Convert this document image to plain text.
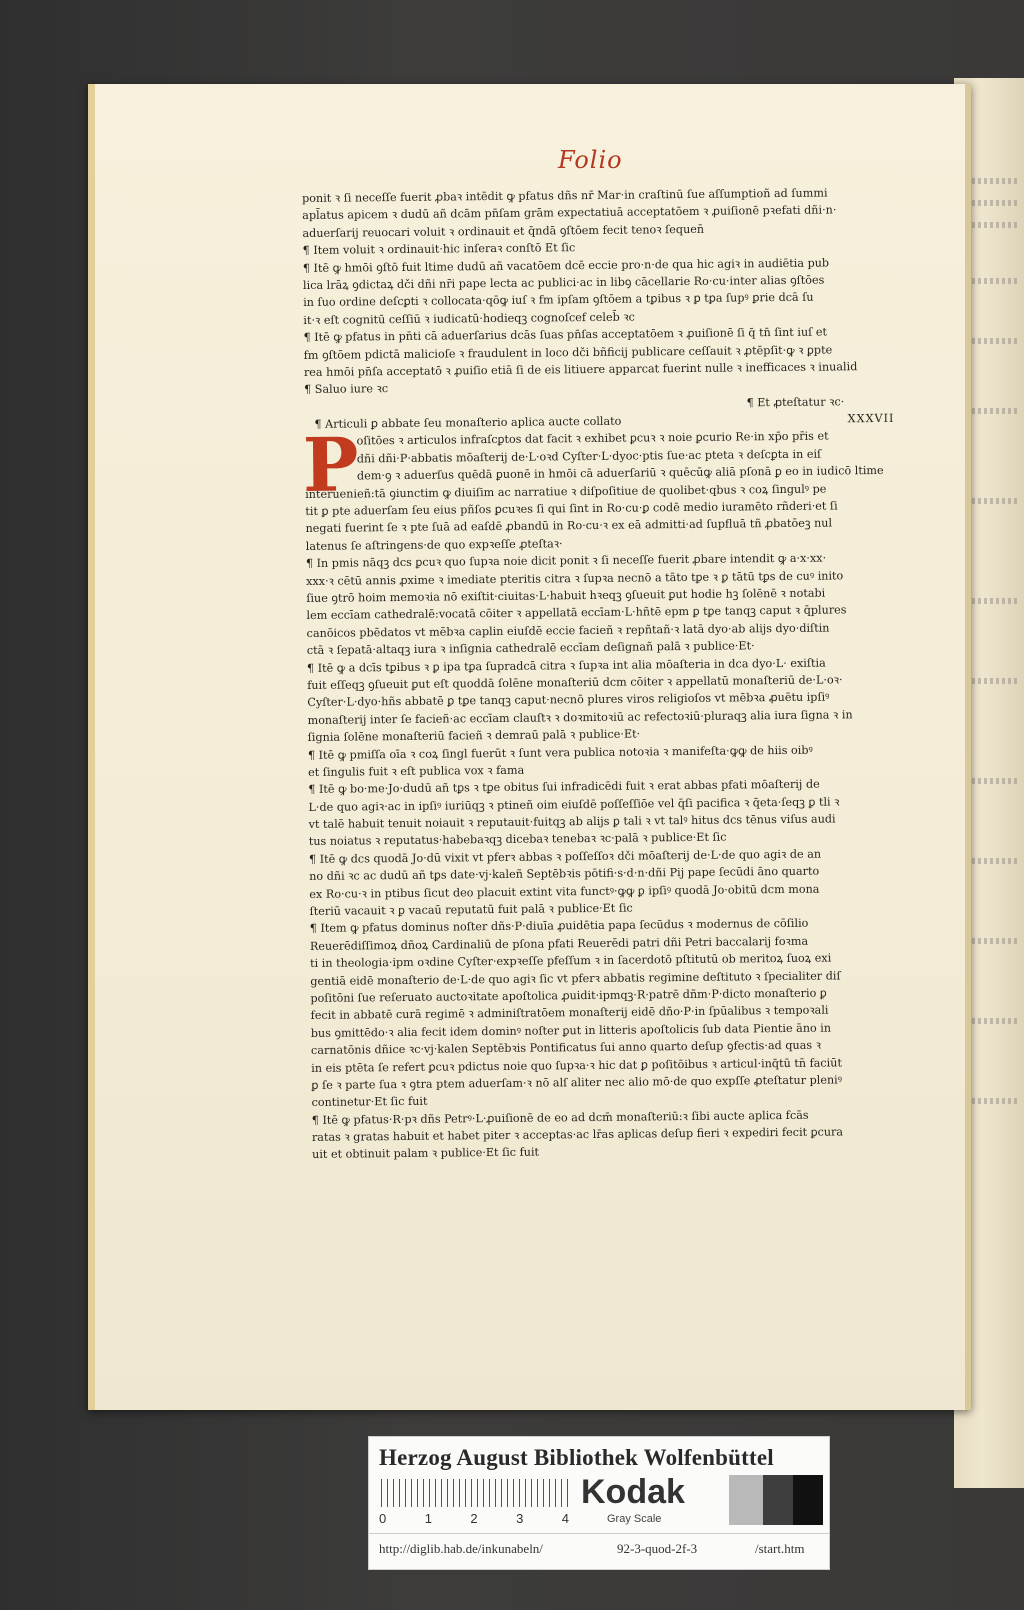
Folio
ponit ꝛ ſi neceſſe fuerit ꝓbaꝛ intēdit ꝙ pfatus dñs nr̄ Mar·in craſtinū ſue aſſumptioñ ad ſummi
apl̄atus apicem ꝛ dudū añ dcām pn̄ſam grām expectatiuā acceptatōem ꝛ ꝓuiſionē pꝛefati dñi·n·
aduerſarij reuocari voluit ꝛ ordinauit et q̄ndā ꝯſtōem fecit tenoꝛ ſequen̄
¶ Item voluit ꝛ ordinauit·hic inſeraꝛ conſtō Et ſic
¶ Itē ꝙ hmōi ꝯſtō fuit ltime dudū añ vacatōem dcē eccie pro·n·de qua hic agiꝛ in audiētia pub
lica lrāꝝ ꝯdictaꝝ dči dñi nr̄i pape lecta ac publici·ac in libꝯ cācellarie Ro·cu·inter alias ꝯſtōes
in ſuo ordine deſcꝑti ꝛ collocata·qōꝙ iuſ ꝛ fm ipſam ꝯſtōem a tꝑibus ꝛ ꝑ tꝑa ſupꝰ ꝑrie dcā ſu
it·ꝛ eſt cognitū ceſſiū ꝛ iudicatū·hodieqꝫ cognoſcef celeb̄ ꝛc
¶ Itē ꝙ pfatus in pn̄ti cā aduerſarius dcās ſuas pn̄ſas acceptatōem ꝛ ꝓuiſionē ſi q̄ tn̄ ſint iuſ et
fm ꝯſtōem pdictā malicioſe ꝛ fraudulent in loco dči bñficij publicare ceſſauit ꝛ ꝓtēpſit·ꝙ ꝛ ꝑpte
rea hmōi pn̄ſa acceptatō ꝛ ꝓuiſio etiā ſi de eis litiuere apparcat fuerint nulle ꝛ inefficaces ꝛ inualid
¶ Saluo iure ꝛc
¶ Et ꝓteſtatur ꝛc·
XXXVII
¶ Articuli ꝑ abbate ſeu monaſterio aplica aucte collato
oſitōes ꝛ articulos infraſcꝑtos dat facit ꝛ exhibet ꝑcuꝛ ꝛ noie ꝑcurio Re·in xp̄o pr̄is et
P
dñi dñi·P·abbatis mōaſterij de·L·oꝛd Cyſter·L·dyoc·ptis ſue·ac pteta ꝛ deſcꝑta in eiſ
dem·ꝯ ꝛ aduerſus quēdā ꝑuonē in hmōi cā aduerſariū ꝛ quēcūꝙ aliā pſonā ꝑ eo in iudicō ltime
interuenieñ:tā ꝯiunctim ꝙ diuiſim ac narratiue ꝛ diſpoſitiue de quolibet·qbus ꝛ coꝝ ſingulꝰ pe
tit ꝑ pte aduerſam ſeu eius pñſos ꝑcuꝛes ſi qui ſint in Ro·cu·ꝑ codē medio iuramēto rñderi·et ſi
negati fuerint ſe ꝛ pte ſuā ad eaſdē ꝓbandū in Ro·cu·ꝛ ex eā admitti·ad ſupfluā tñ ꝓbatōeꝫ nul
latenus ſe aſtringens·de quo expꝛeſſe ꝓteſtaꝛ·
¶ In pmis nāqꝫ dcs ꝑcuꝛ quo ſupꝛa noie dicit ponit ꝛ ſi neceſſe fuerit ꝓbare intendit ꝙ a·x·xx·
xxx·ꝛ cētū annis ꝓxime ꝛ imediate pteritis citra ꝛ ſupꝛa necnō a tāto tꝑe ꝛ ꝑ tātū tꝑs de cuꝰ inito
ſiue ꝯtrō hoim memoꝛia nō exiſtit·ciuitas·L·habuit hꝛeqꝫ ꝯſueuit ꝑut hodie hꝫ ſolēnē ꝛ notabi
lem eccīam cathedralē:vocatā cōiter ꝛ appellatā eccīam·L·hñtē epm ꝑ tꝑe tanqꝫ caput ꝛ q̄plures
canōicos pbēdatos vt mēbꝛa caplin eiuſdē eccie facieñ ꝛ repñtañ·ꝛ latā dyo·ab alijs dyo·diſtin
ctā ꝛ ſepatā·altaqꝫ iura ꝛ inſignia cathedralē eccīam deſignañ palā ꝛ publice·Et·
¶ Itē ꝙ a dcīs tꝑibus ꝛ ꝑ ipa tꝑa ſupradcā citra ꝛ ſupꝛa int alia mōaſteria in dca dyo·L· exiſtia
fuit eſſeqꝫ ꝯſueuit ꝑut eſt quoddā ſolēne monaſteriū dcm cōiter ꝛ appellatū monaſteriū de·L·oꝛ·
Cyſter·L·dyo·hñs abbatē ꝑ tꝑe tanqꝫ caput·necnō plures viros religioſos vt mēbꝛa ꝓuētu ipſiꝰ
monaſterij inter ſe facieñ·ac eccīam clauſtꝛ ꝛ doꝛmitoꝛiū ac refectoꝛiū·pluraqꝫ alia iura ſigna ꝛ in
ſignia ſolēne monaſteriū facieñ ꝛ demraū palā ꝛ publice·Et·
¶ Itē ꝙ pmiſſa oīa ꝛ coꝝ ſingl fuerūt ꝛ ſunt vera publica notoꝛia ꝛ manifeſta·ꝙꝙ de hiis oibꝰ
et ſingulis fuit ꝛ eſt publica vox ꝛ fama
¶ Itē ꝙ bo·me·Jo·dudū añ tꝑs ꝛ tꝑe obitus ſui infradicēdi fuit ꝛ erat abbas pfati mōaſterij de
L·de quo agiꝛ·ac in ipſiꝰ iuriūqꝫ ꝛ ptineñ oim eiuſdē poſſeſſiōe vel q̄ſi pacifica ꝛ q̄eta·ſeqꝫ ꝑ tli ꝛ
vt talē habuit tenuit noiauit ꝛ reputauit·fuitqꝫ ab alijs ꝑ tali ꝛ vt talꝰ hitus dcs tēnus viſus audi
tus noiatus ꝛ reputatus·habebaꝛqꝫ dicebaꝛ tenebaꝛ ꝛc·palā ꝛ publice·Et ſic
¶ Itē ꝙ dcs quodā Jo·dū vixit vt pferꝛ abbas ꝛ poſſeſſoꝛ dči mōaſterij de·L·de quo agiꝛ de an
no dñi ꝛc ac dudū añ tꝑs date·vj·kaleñ Septēbꝛis pōtifi·s·d·n·dñi Pij pape ſecūdi āno quarto
ex Ro·cu·ꝛ in ptibus ſicut deo placuit extint vita functꝰ·ꝙꝙ ꝑ ipſiꝰ quodā Jo·obitū dcm mona
ſteriū vacauit ꝛ ꝑ vacaū reputatū fuit palā ꝛ publice·Et ſic
¶ Item ꝙ pfatus dominus noſter dñs·P·diuīa ꝓuidētia papa ſecūdus ꝛ modernus de cōſilio
Reuerēdiſſimoꝝ dñoꝝ Cardinaliū de pſona pfati Reuerēdi patri dñi Petri baccalarij foꝛma
ti in theologia·ipm oꝛdine Cyſter·expꝛeſſe pfeſſum ꝛ in ſacerdotō pſtitutū ob meritoꝝ ſuoꝝ exi
gentiā eidē monaſterio de·L·de quo agiꝛ ſic vt pferꝛ abbatis regimine deſtituto ꝛ ſpecialiter diſ
poſitōni ſue reſeruato auctoꝛitate apoſtolica ꝓuidit·ipmqꝫ·R·patrē dñm·P·dicto monaſterio ꝑ
fecit in abbatē curā regimē ꝛ adminiſtratōem monaſterij eidē dño·P·in ſpūalibus ꝛ tempoꝛali
bus ꝯmittēdo·ꝛ alia fecit idem dominꝰ noſter ꝑut in litteris apoſtolicis ſub data Pientie āno in
carnatōnis dñice ꝛc·vj·kalen Septēbꝛis Pontificatus ſui anno quarto deſup ꝯfectis·ad quas ꝛ
in eis ptēta ſe refert ꝑcuꝛ pdictus noie quo ſupꝛa·ꝛ hic dat ꝑ poſitōibus ꝛ articul·inq̄tū tn̄ faciūt
ꝑ ſe ꝛ parte ſua ꝛ ꝯtra ptem aduerſam·ꝛ nō alſ aliter nec alio mō·de quo expſſe ꝓteſtatur pleniꝰ
continetur·Et ſic fuit
¶ Itē ꝙ pfatus·R·pꝛ dñs Petrꝰ·L·ꝓuiſionē de eo ad dcm̄ monaſteriū:ꝛ ſibi aucte aplica fcās
ratas ꝛ gratas habuit et habet piter ꝛ acceptas·ac lr̄as aplicas deſup fieri ꝛ expediri fecit ꝑcura
uit et obtinuit palam ꝛ publice·Et ſic fuit
Herzog August Bibliothek Wolfenbüttel
0	1	2	3	4
Kodak
Gray Scale
http://diglib.hab.de/inkunabeln/	92-3-quod-2f-3	/start.htm
